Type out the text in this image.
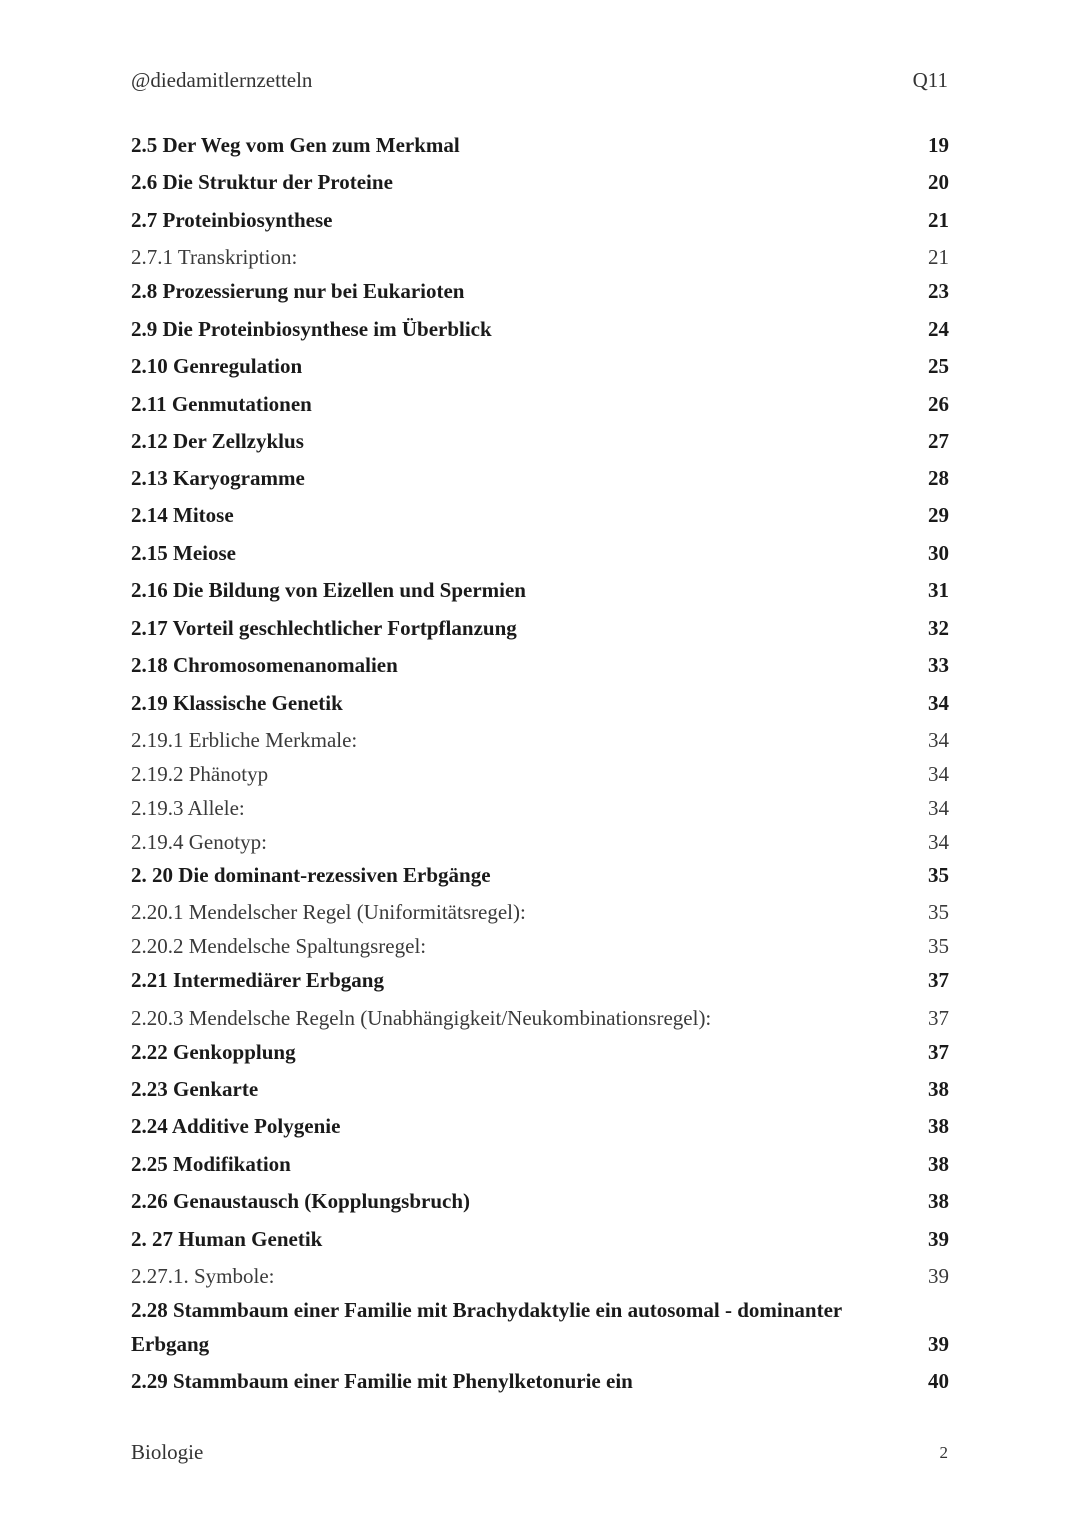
@diedamitlernzetteln	Q11
2.5 Der Weg vom Gen zum Merkmal	19
2.6 Die Struktur der Proteine	20
2.7 Proteinbiosynthese	21
2.7.1 Transkription:	21
2.8 Prozessierung nur bei Eukarioten	23
2.9 Die Proteinbiosynthese im Überblick	24
2.10 Genregulation	25
2.11 Genmutationen	26
2.12 Der Zellzyklus	27
2.13 Karyogramme	28
2.14 Mitose	29
2.15 Meiose	30
2.16 Die Bildung von Eizellen und Spermien	31
2.17 Vorteil geschlechtlicher Fortpflanzung	32
2.18 Chromosomenanomalien	33
2.19 Klassische Genetik	34
2.19.1 Erbliche Merkmale:	34
2.19.2 Phänotyp	34
2.19.3 Allele:	34
2.19.4 Genotyp:	34
2. 20 Die dominant-rezessiven Erbgänge	35
2.20.1 Mendelscher Regel (Uniformitätsregel):	35
2.20.2 Mendelsche Spaltungsregel:	35
2.21 Intermediärer Erbgang	37
2.20.3 Mendelsche Regeln (Unabhängigkeit/Neukombinationsregel):	37
2.22 Genkopplung	37
2.23 Genkarte	38
2.24 Additive Polygenie	38
2.25 Modifikation	38
2.26 Genaustausch (Kopplungsbruch)	38
2. 27 Human Genetik	39
2.27.1. Symbole:	39
2.28 Stammbaum einer Familie mit Brachydaktylie ein autosomal - dominanter
Erbgang	39
2.29 Stammbaum einer Familie mit Phenylketonurie ein	40
Biologie	2
